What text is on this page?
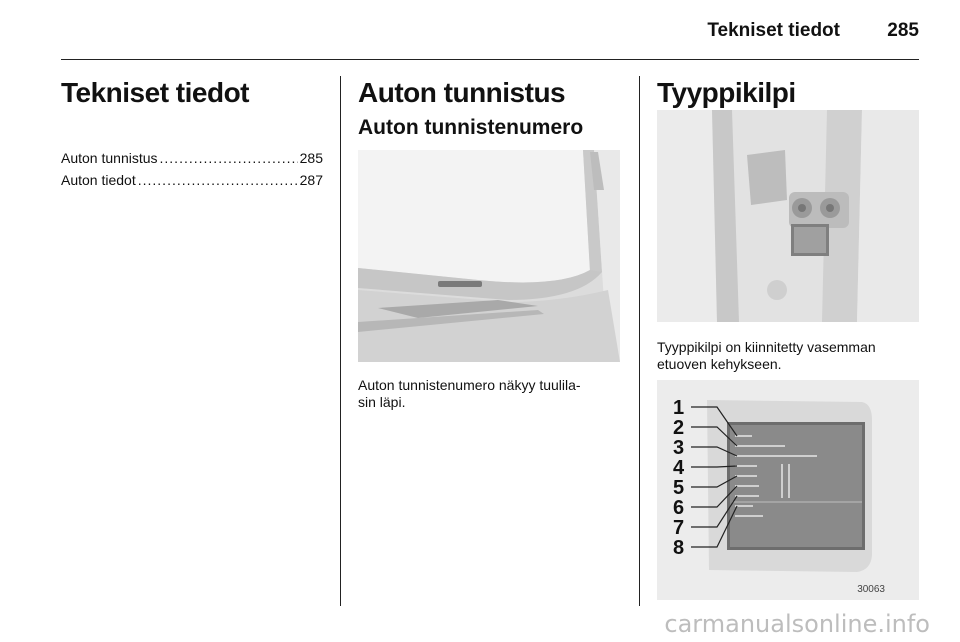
Tekniset tiedot 285
Tekniset tiedot
Auton tunnistus .....	285
Auton tiedot .....	287
Auton tunnistus
Auton tunnistenumero
Auton tunnistenumero näkyy tuulila-
sin läpi.
Tyyppikilpi
Tyyppikilpi on kiinnitetty vasemman etuoven kehykseen.
1
2
3
4
5
6
7
8
30063
carmanualsonline.info
